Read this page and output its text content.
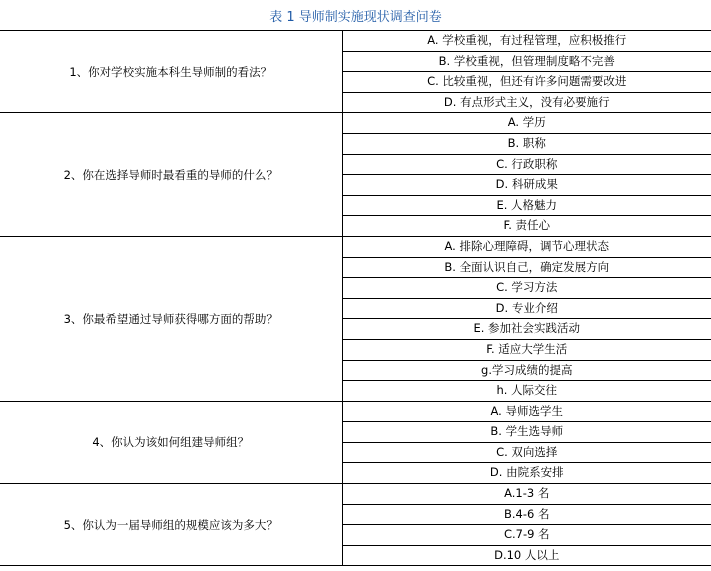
表 1 导师制实施现状调查问卷
1、你对学校实施本科生导师制的看法？	A. 学校重视，有过程管理，应积极推行
	B. 学校重视，但管理制度略不完善
	C. 比较重视，但还有许多问题需要改进
	D. 有点形式主义，没有必要施行
2、你在选择导师时最看重的导师的什么？	A. 学历
	B. 职称
	C. 行政职称
	D. 科研成果
	E. 人格魅力
	F. 责任心
3、你最希望通过导师获得哪方面的帮助？	A. 排除心理障碍，调节心理状态
	B. 全面认识自己，确定发展方向
	C. 学习方法
	D. 专业介绍
	E. 参加社会实践活动
	F. 适应大学生活
	g.学习成绩的提高
	h. 人际交往
4、你认为该如何组建导师组？	A. 导师选学生
	B. 学生选导师
	C. 双向选择
	D. 由院系安排
5、你认为一届导师组的规模应该为多大？	A.1-3 名
	B.4-6 名
	C.7-9 名
	D.10 人以上
